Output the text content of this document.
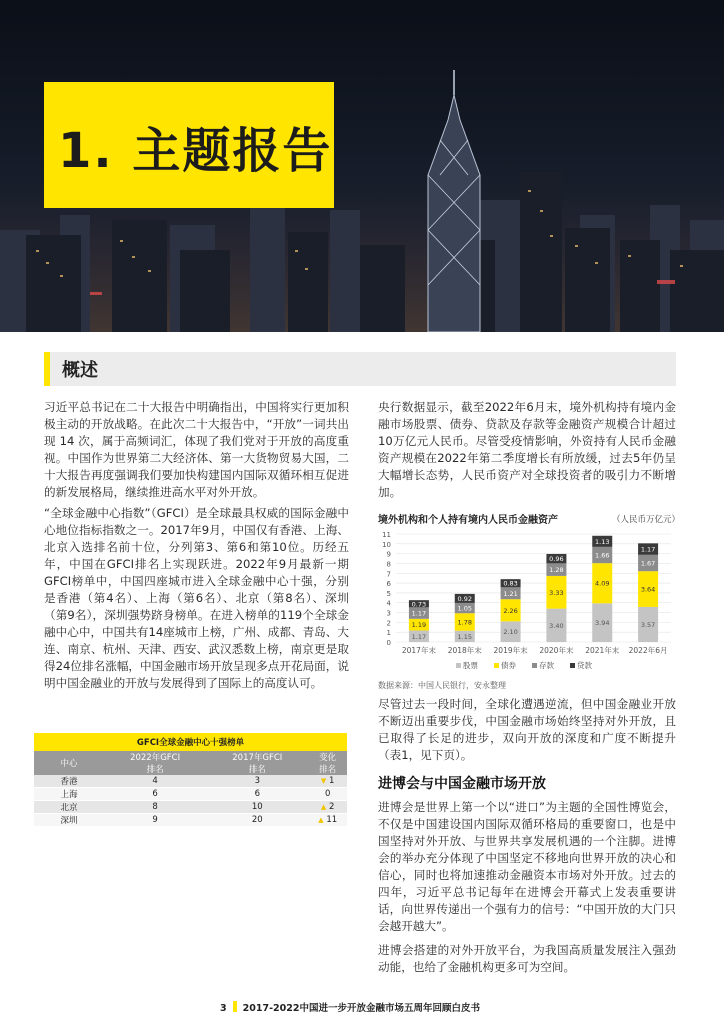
1. 主题报告
概述
习近平总书记在二十大报告中明确指出，中国将实行更加积极主动的开放战略。在此次二十大报告中，“开放”一词共出现 14 次，属于高频词汇，体现了我们党对于开放的高度重视。中国作为世界第二大经济体、第一大货物贸易大国，二十大报告再度强调我们要加快构建国内国际双循环相互促进的新发展格局，继续推进高水平对外开放。
“全球金融中心指数”（GFCI）是全球最具权威的国际金融中心地位指标指数之一。2017年9月，中国仅有香港、上海、北京入选排名前十位，分列第3、第6和第10位。历经五年，中国在GFCI排名上实现跃进。2022年9月最新一期GFCI榜单中，中国四座城市进入全球金融中心十强，分别是香港（第4名）、上海（第6名）、北京（第8名）、深圳（第9名），深圳强势跻身榜单。在进入榜单的119个全球金融中心中，中国共有14座城市上榜，广州、成都、青岛、大连、南京、杭州、天津、西安、武汉悉数上榜，南京更是取得24位排名涨幅，中国金融市场开放呈现多点开花局面，说明中国金融业的开放与发展得到了国际上的高度认可。
GFCI全球金融中心十强榜单			
中心	2022年GFCI	2017年GFCI	变化
	排名	排名	排名
香港	4	3	▼ 1
上海	6	6	0
北京	8	10	▲ 2
深圳	9	20	▲ 11
央行数据显示，截至2022年6月末，境外机构持有境内金融市场股票、债券、贷款及存款等金融资产规模合计超过10万亿元人民币。尽管受疫情影响，外资持有人民币金融资产规模在2022年第二季度增长有所放缓，过去5年仍呈大幅增长态势，人民币资产对全球投资者的吸引力不断增加。
境外机构和个人持有境内人民币金融资产	（人民币万亿元）
0
1
2
3
4
5
6
7
8
9
10
11
1.17
1.19
1.17
0.73
1.15
1.78
1.05
0.92
2.10
2.26
1.21
0.83
3.40
3.33
1.28
0.96
3.94
4.09
1.66
1.13
3.57
3.64
1.67
1.17
2017年末 2018年末 2019年末 2020年末 2021年末 2022年6月
股票	债券	存款	贷款
数据来源：中国人民银行，安永整理
尽管过去一段时间，全球化遭遇逆流，但中国金融业开放不断迈出重要步伐，中国金融市场始终坚持对外开放，且已取得了长足的进步，双向开放的深度和广度不断提升（表1，见下页）。
进博会与中国金融市场开放
进博会是世界上第一个以“进口”为主题的全国性博览会，不仅是中国建设国内国际双循环格局的重要窗口，也是中国坚持对外开放、与世界共享发展机遇的一个注脚。进博会的举办充分体现了中国坚定不移地向世界开放的决心和信心，同时也将加速推动金融资本市场对外开放。过去的四年，习近平总书记每年在进博会开幕式上发表重要讲话，向世界传递出一个强有力的信号：“中国开放的大门只会越开越大”。
进博会搭建的对外开放平台，为我国高质量发展注入强劲动能，也给了金融机构更多可为空间。
3 2017-2022中国进一步开放金融市场五周年回顾白皮书
